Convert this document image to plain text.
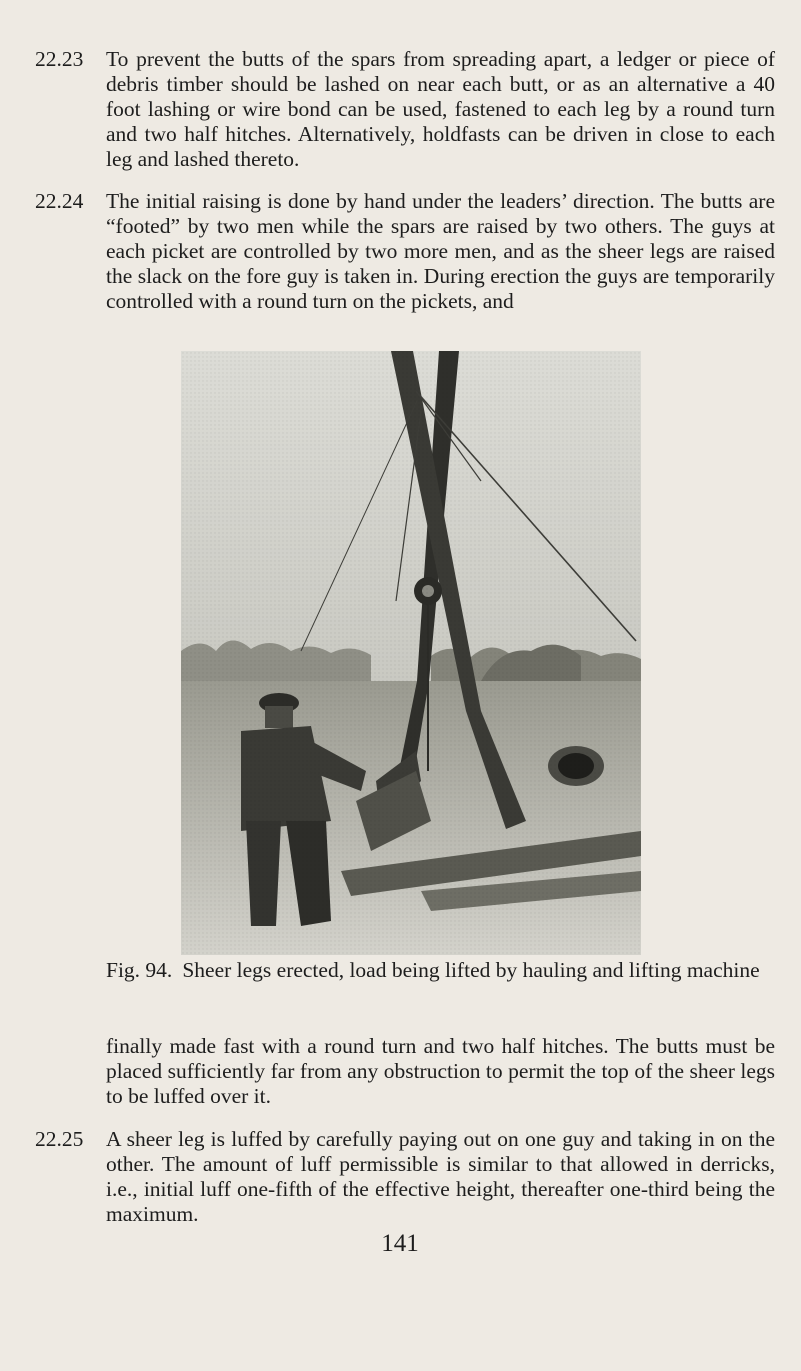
22.23	To prevent the butts of the spars from spreading apart, a ledger or piece of debris timber should be lashed on near each butt, or as an alternative a 40 foot lashing or wire bond can be used, fastened to each leg by a round turn and two half hitches. Alternatively, holdfasts can be driven in close to each leg and lashed thereto.
22.24	The initial raising is done by hand under the leaders’ direction. The butts are “footed” by two men while the spars are raised by two others. The guys at each picket are controlled by two more men, and as the sheer legs are raised the slack on the fore guy is taken in. During erection the guys are temporarily controlled with a round turn on the pickets, and
Fig. 94. Sheer legs erected, load being lifted by hauling and lifting machine
finally made fast with a round turn and two half hitches. The butts must be placed sufficiently far from any obstruction to permit the top of the sheer legs to be luffed over it.
22.25	A sheer leg is luffed by carefully paying out on one guy and taking in on the other. The amount of luff permissible is similar to that allowed in derricks, i.e., initial luff one-fifth of the effective height, thereafter one-third being the maximum.
141
